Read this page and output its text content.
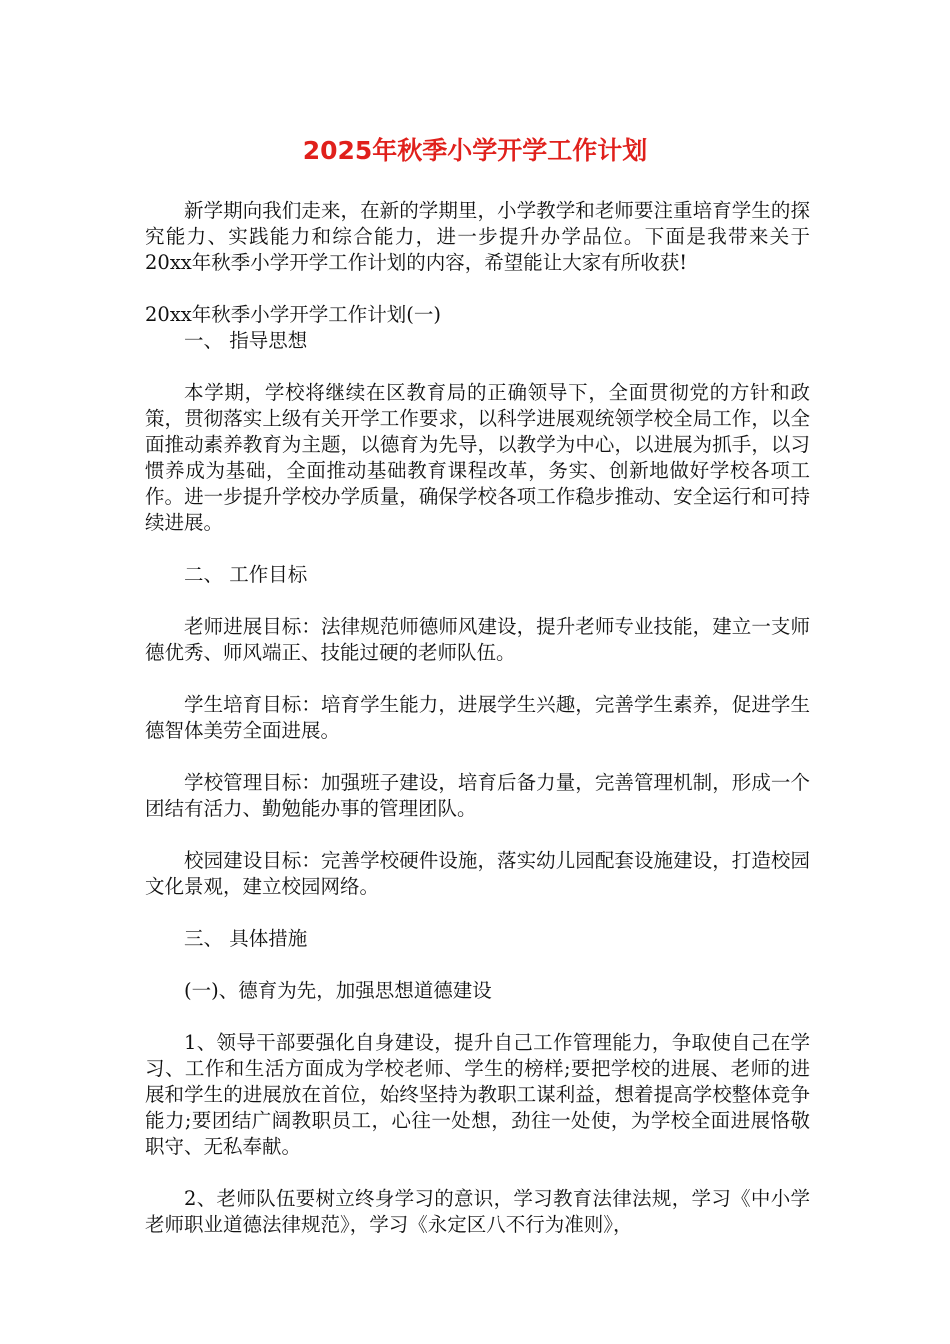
2025年秋季小学开学工作计划

新学期向我们走来，在新的学期里，小学教学和老师要注重培育学生的探究能力、实践能力和综合能力，进一步提升办学品位。下面是我带来关于20xx年秋季小学开学工作计划的内容，希望能让大家有所收获!

20xx年秋季小学开学工作计划(一)

一、 指导思想

本学期，学校将继续在区教育局的正确领导下，全面贯彻党的方针和政策，贯彻落实上级有关开学工作要求，以科学进展观统领学校全局工作，以全面推动素养教育为主题，以德育为先导，以教学为中心，以进展为抓手，以习惯养成为基础，全面推动基础教育课程改革，务实、创新地做好学校各项工作。进一步提升学校办学质量，确保学校各项工作稳步推动、安全运行和可持续进展。

二、 工作目标

老师进展目标：法律规范师德师风建设，提升老师专业技能，建立一支师德优秀、师风端正、技能过硬的老师队伍。

学生培育目标：培育学生能力，进展学生兴趣，完善学生素养，促进学生德智体美劳全面进展。

学校管理目标：加强班子建设，培育后备力量，完善管理机制，形成一个团结有活力、勤勉能办事的管理团队。

校园建设目标：完善学校硬件设施，落实幼儿园配套设施建设，打造校园文化景观，建立校园网络。

三、 具体措施

(一)、德育为先，加强思想道德建设

1、领导干部要强化自身建设，提升自己工作管理能力，争取使自己在学习、工作和生活方面成为学校老师、学生的榜样;要把学校的进展、老师的进展和学生的进展放在首位，始终坚持为教职工谋利益，想着提高学校整体竞争能力;要团结广阔教职员工，心往一处想，劲往一处使，为学校全面进展恪敬职守、无私奉献。

2、老师队伍要树立终身学习的意识，学习教育法律法规，学习《中小学老师职业道德法律规范》，学习《永定区八不行为准则》，
